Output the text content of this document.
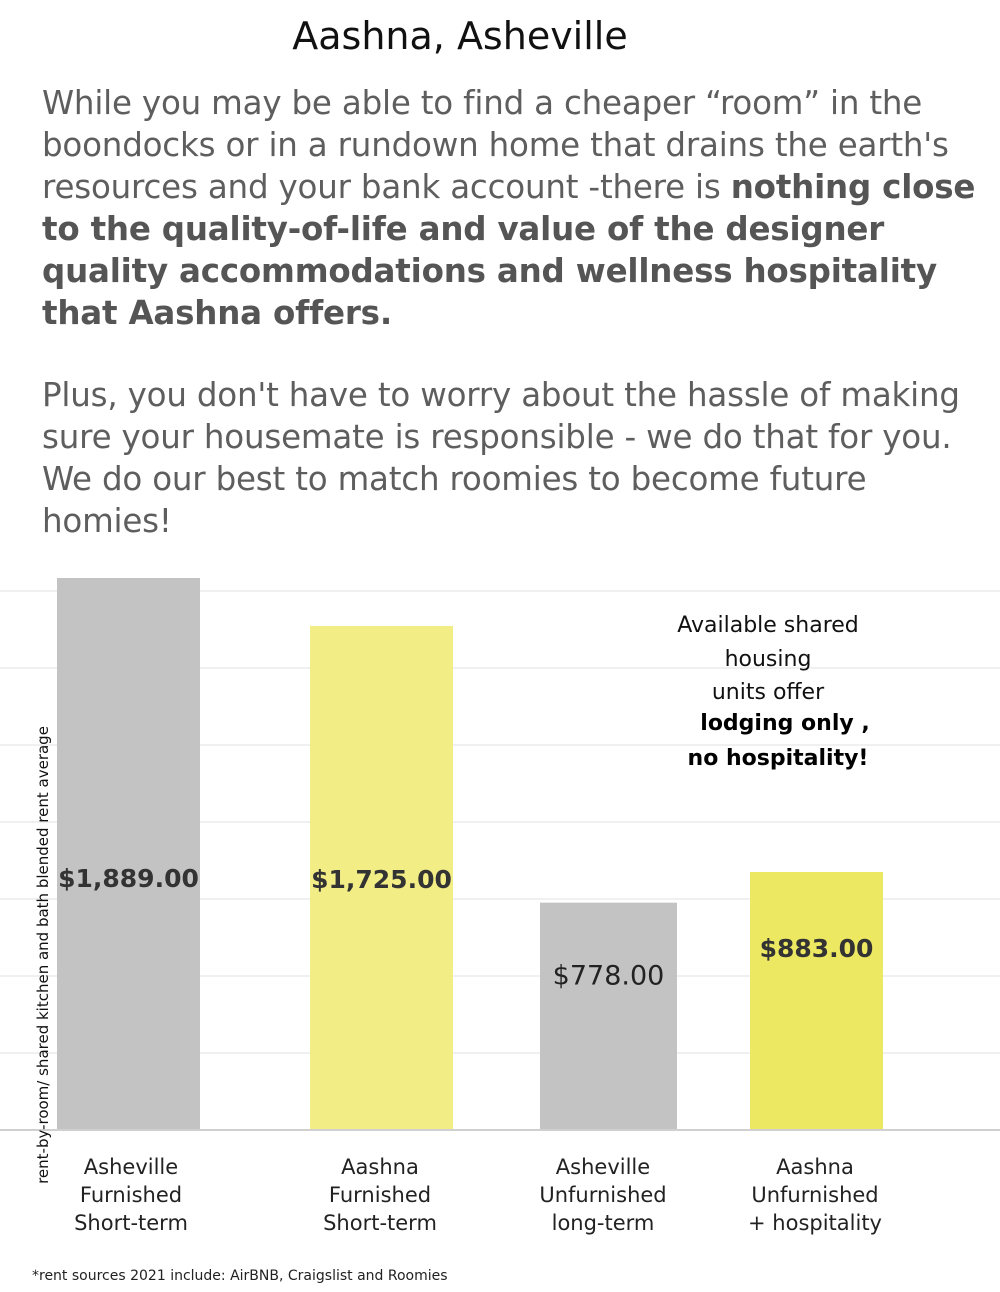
Aashna, Asheville
While you may be able to find a cheaper “room” in the boondocks or in a rundown home that drains the earth's resources and your bank account -there is nothing close to the quality-of-life and value of the designer quality accommodations and wellness hospitality that Aashna offers.
Plus, you don't have to worry about the hassle of making sure your housemate is responsible - we do that for you. We do our best to match roomies to become future homies!
rent-by-room/ shared kitchen and bath blended rent average	Asheville Furnished Short-term
Aashna Furnished Short-term
Asheville Unfurnished long-term
Aashna Unfurnished + hospitality
$1,889.00	$1,725.00
$778.00
$883.00
Available shared
housing
units offer
lodging only ,
no hospitality!
*rent sources 2021 include: AirBNB, Craigslist and Roomies
